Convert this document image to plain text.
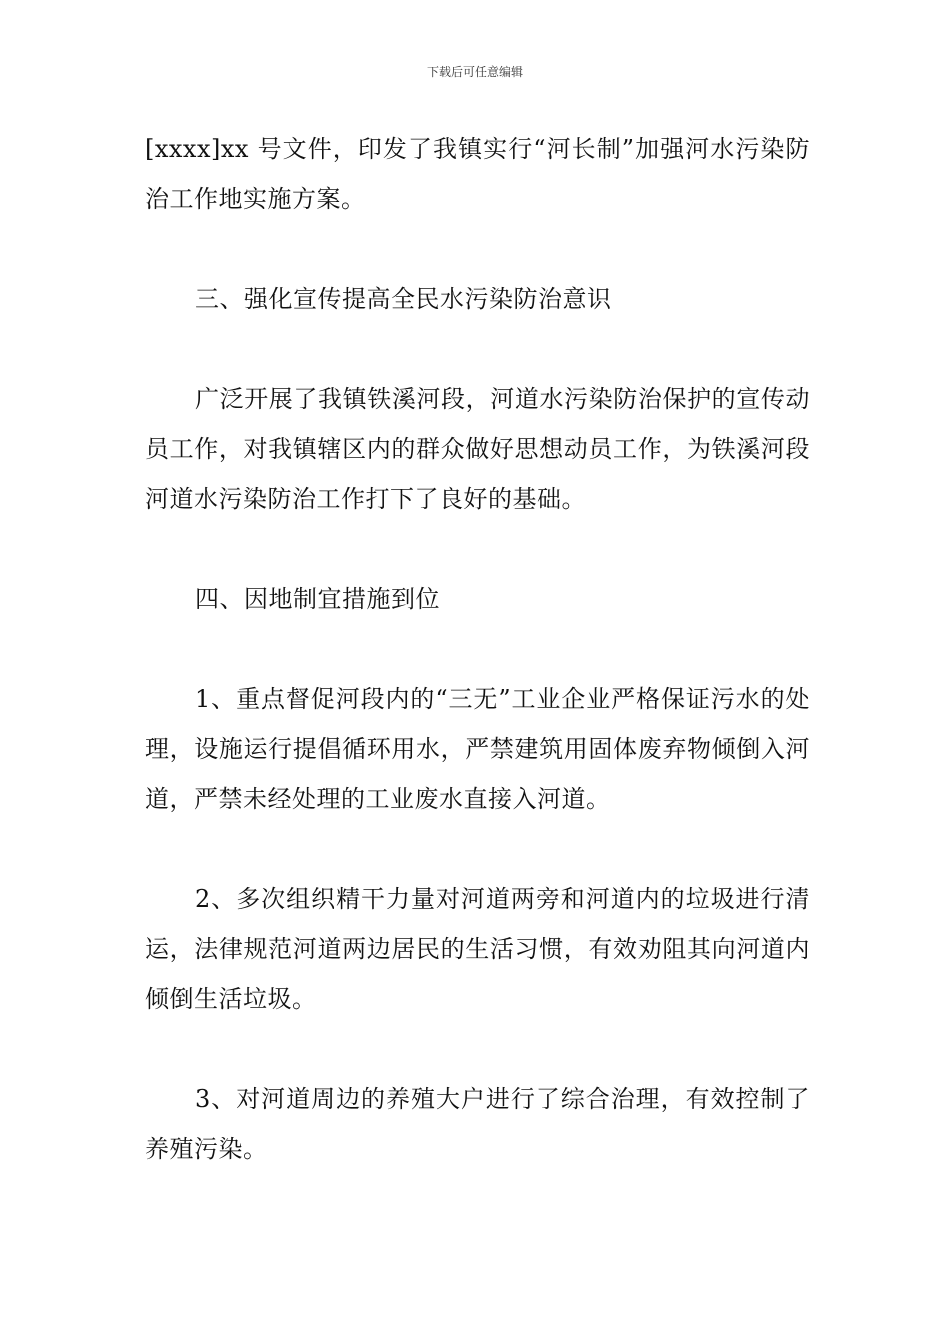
下载后可任意编辑

[xxxx]xx 号文件，印发了我镇实行“河长制”加强河水污染防治工作地实施方案。

三、强化宣传提高全民水污染防治意识

广泛开展了我镇铁溪河段，河道水污染防治保护的宣传动员工作，对我镇辖区内的群众做好思想动员工作，为铁溪河段河道水污染防治工作打下了良好的基础。

四、因地制宜措施到位

1、重点督促河段内的“三无”工业企业严格保证污水的处理，设施运行提倡循环用水，严禁建筑用固体废弃物倾倒入河道，严禁未经处理的工业废水直接入河道。

2、多次组织精干力量对河道两旁和河道内的垃圾进行清运，法律规范河道两边居民的生活习惯，有效劝阻其向河道内倾倒生活垃圾。

3、对河道周边的养殖大户进行了综合治理，有效控制了养殖污染。
